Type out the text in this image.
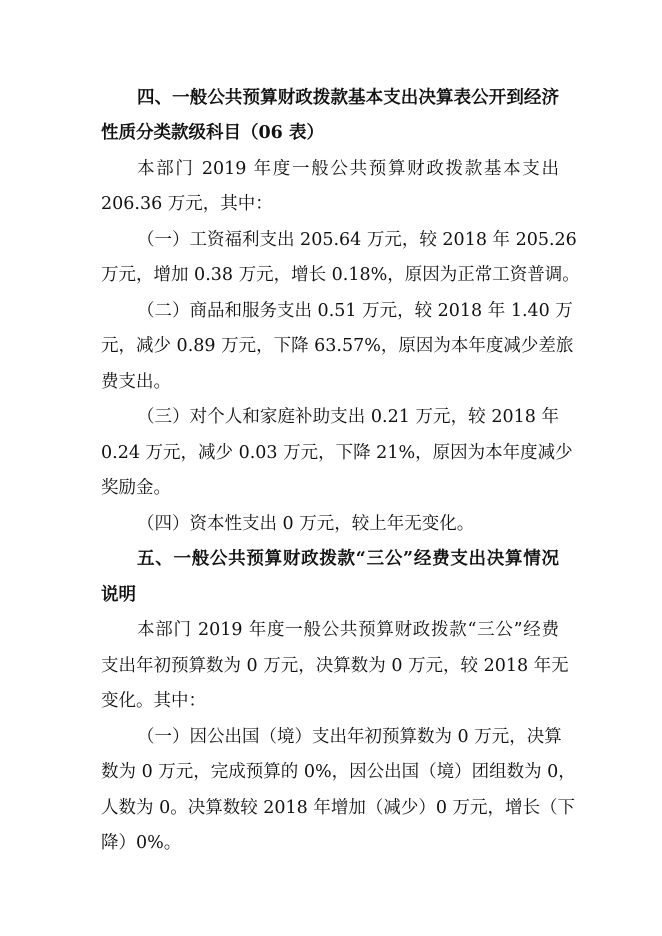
四、一般公共预算财政拨款基本支出决算表公开到经济
性质分类款级科目（06 表）
本部门 2019 年度一般公共预算财政拨款基本支出
206.36 万元，其中：
（一）工资福利支出 205.64 万元，较 2018 年 205.26
万元，增加 0.38 万元，增长 0.18%，原因为正常工资普调。
（二）商品和服务支出 0.51 万元，较 2018 年 1.40 万
元，减少 0.89 万元，下降 63.57%，原因为本年度减少差旅
费支出。
（三）对个人和家庭补助支出 0.21 万元，较 2018 年
0.24 万元，减少 0.03 万元，下降 21%，原因为本年度减少
奖励金。
（四）资本性支出 0 万元，较上年无变化。
五、一般公共预算财政拨款“三公”经费支出决算情况
说明
本部门 2019 年度一般公共预算财政拨款“三公”经费
支出年初预算数为 0 万元，决算数为 0 万元，较 2018 年无
变化。其中：
（一）因公出国（境）支出年初预算数为 0 万元，决算
数为 0 万元，完成预算的 0%，因公出国（境）团组数为 0，
人数为 0。决算数较 2018 年增加（减少）0 万元，增长（下
降）0%。
